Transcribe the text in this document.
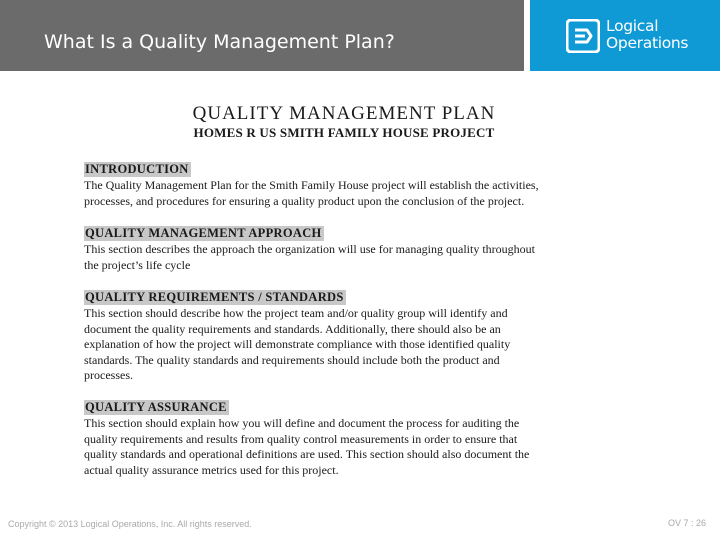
What Is a Quality Management Plan?
Logical
Operations
QUALITY MANAGEMENT PLAN
HOMES R US SMITH FAMILY HOUSE PROJECT
INTRODUCTION
The Quality Management Plan for the Smith Family House project will establish the activities,
processes, and procedures for ensuring a quality product upon the conclusion of the project.
QUALITY MANAGEMENT APPROACH
This section describes the approach the organization will use for managing quality throughout
the project’s life cycle
QUALITY REQUIREMENTS / STANDARDS
This section should describe how the project team and/or quality group will identify and
document the quality requirements and standards. Additionally, there should also be an
explanation of how the project will demonstrate compliance with those identified quality
standards. The quality standards and requirements should include both the product and
processes.
QUALITY ASSURANCE
This section should explain how you will define and document the process for auditing the
quality requirements and results from quality control measurements in order to ensure that
quality standards and operational definitions are used. This section should also document the
actual quality assurance metrics used for this project.
Copyright © 2013 Logical Operations, Inc. All rights reserved.	OV 7 : 26
